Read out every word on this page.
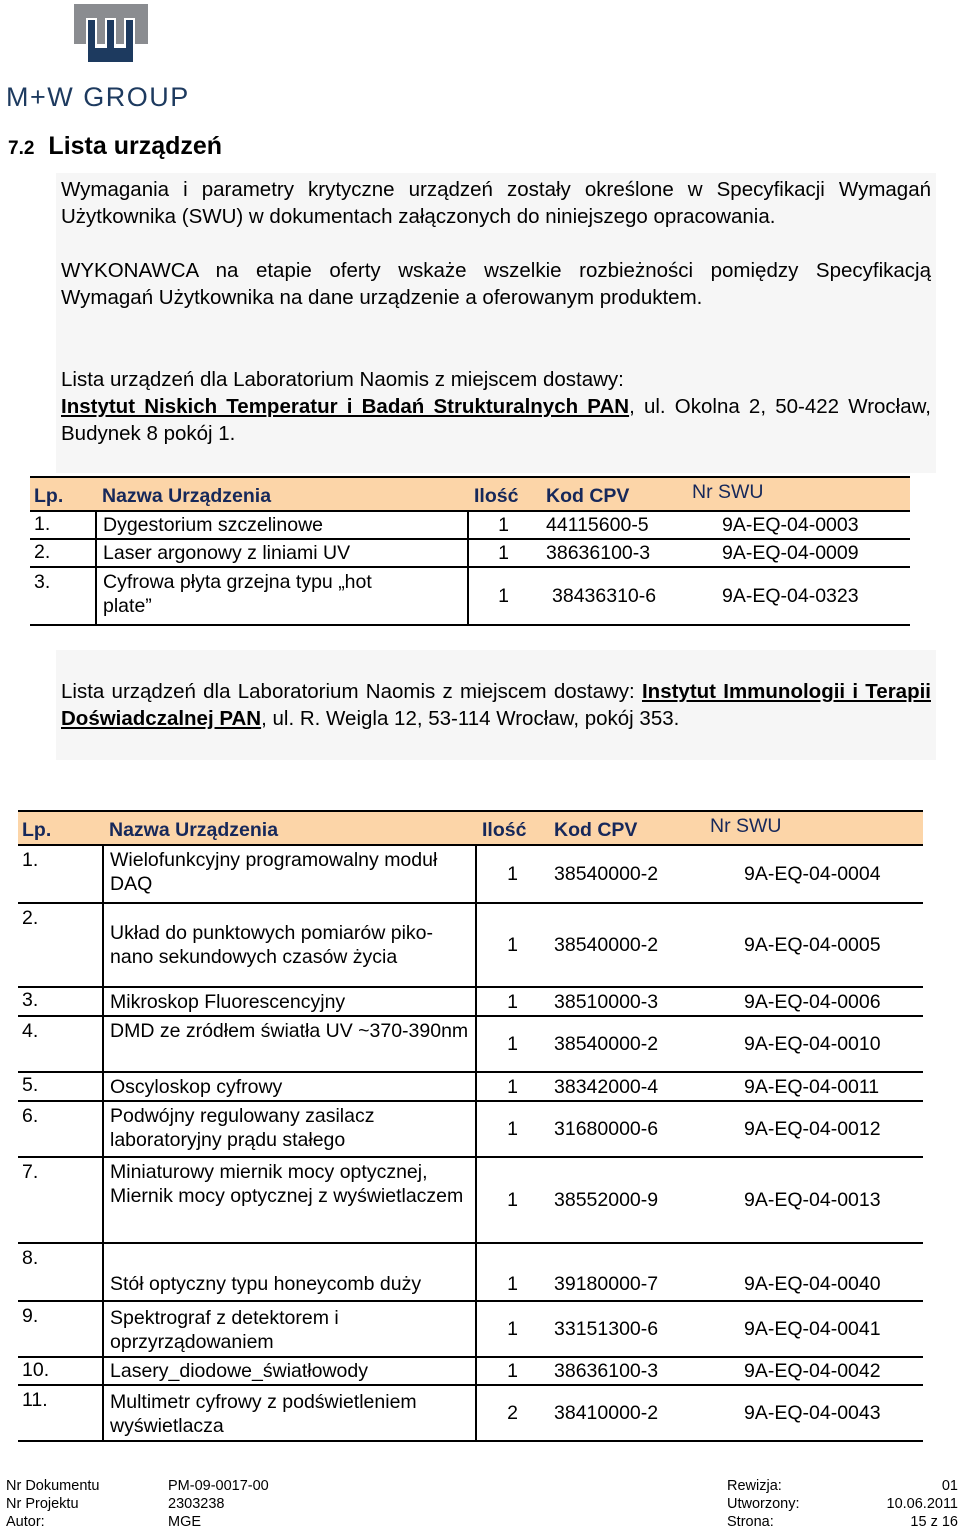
M+W GROUP
7.2 Lista urządzeń
Wymagania i parametry krytyczne urządzeń zostały określone w Specyfikacji Wymagań Użytkownika (SWU) w dokumentach załączonych do niniejszego opracowania.
WYKONAWCA na etapie oferty wskaże wszelkie rozbieżności pomiędzy Specyfikacją Wymagań Użytkownika na dane urządzenie a oferowanym produktem.
Lista urządzeń dla Laboratorium Naomis z miejscem dostawy:
Instytut Niskich Temperatur i Badań Strukturalnych PAN, ul. Okolna 2, 50-422 Wrocław, Budynek 8 pokój 1.
Lp.	Nazwa Urządzenia	Ilość	Kod CPV	Nr SWU
1.	Dygestorium szczelinowe	1	44115600-5	9A-EQ-04-0003
2.	Laser argonowy z liniami UV	1	38636100-3	9A-EQ-04-0009
3.	Cyfrowa płyta grzejna typu „hot plate”	1	38436310-6	9A-EQ-04-0323
Lista urządzeń dla Laboratorium Naomis z miejscem dostawy: Instytut Immunologii i Terapii Doświadczalnej PAN, ul. R. Weigla 12, 53-114 Wrocław, pokój 353.
Lp.	Nazwa Urządzenia	Ilość	Kod CPV	Nr SWU
1.	Wielofunkcyjny programowalny moduł DAQ	1	38540000-2	9A-EQ-04-0004
2.	Układ do punktowych pomiarów piko-nano sekundowych czasów życia	1	38540000-2	9A-EQ-04-0005
3.	Mikroskop Fluorescencyjny	1	38510000-3	9A-EQ-04-0006
4.	DMD ze zródłem światła UV ~370-390nm	1	38540000-2	9A-EQ-04-0010
5.	Oscyloskop cyfrowy	1	38342000-4	9A-EQ-04-0011
6.	Podwójny regulowany zasilacz laboratoryjny prądu stałego	1	31680000-6	9A-EQ-04-0012
7.	Miniaturowy miernik mocy optycznej, Miernik mocy optycznej z wyświetlaczem	1	38552000-9	9A-EQ-04-0013
8.	Stół optyczny typu honeycomb duży	1	39180000-7	9A-EQ-04-0040
9.	Spektrograf z detektorem i oprzyrządowaniem	1	33151300-6	9A-EQ-04-0041
10.	Lasery_diodowe_światłowody	1	38636100-3	9A-EQ-04-0042
11.	Multimetr cyfrowy z podświetleniem wyświetlacza	2	38410000-2	9A-EQ-04-0043
Nr Dokumentu	PM-09-0017-00	Rewizja:	01
Nr Projektu	2303238	Utworzony:	10.06.2011
Autor:	MGE	Strona:	15 z 16
